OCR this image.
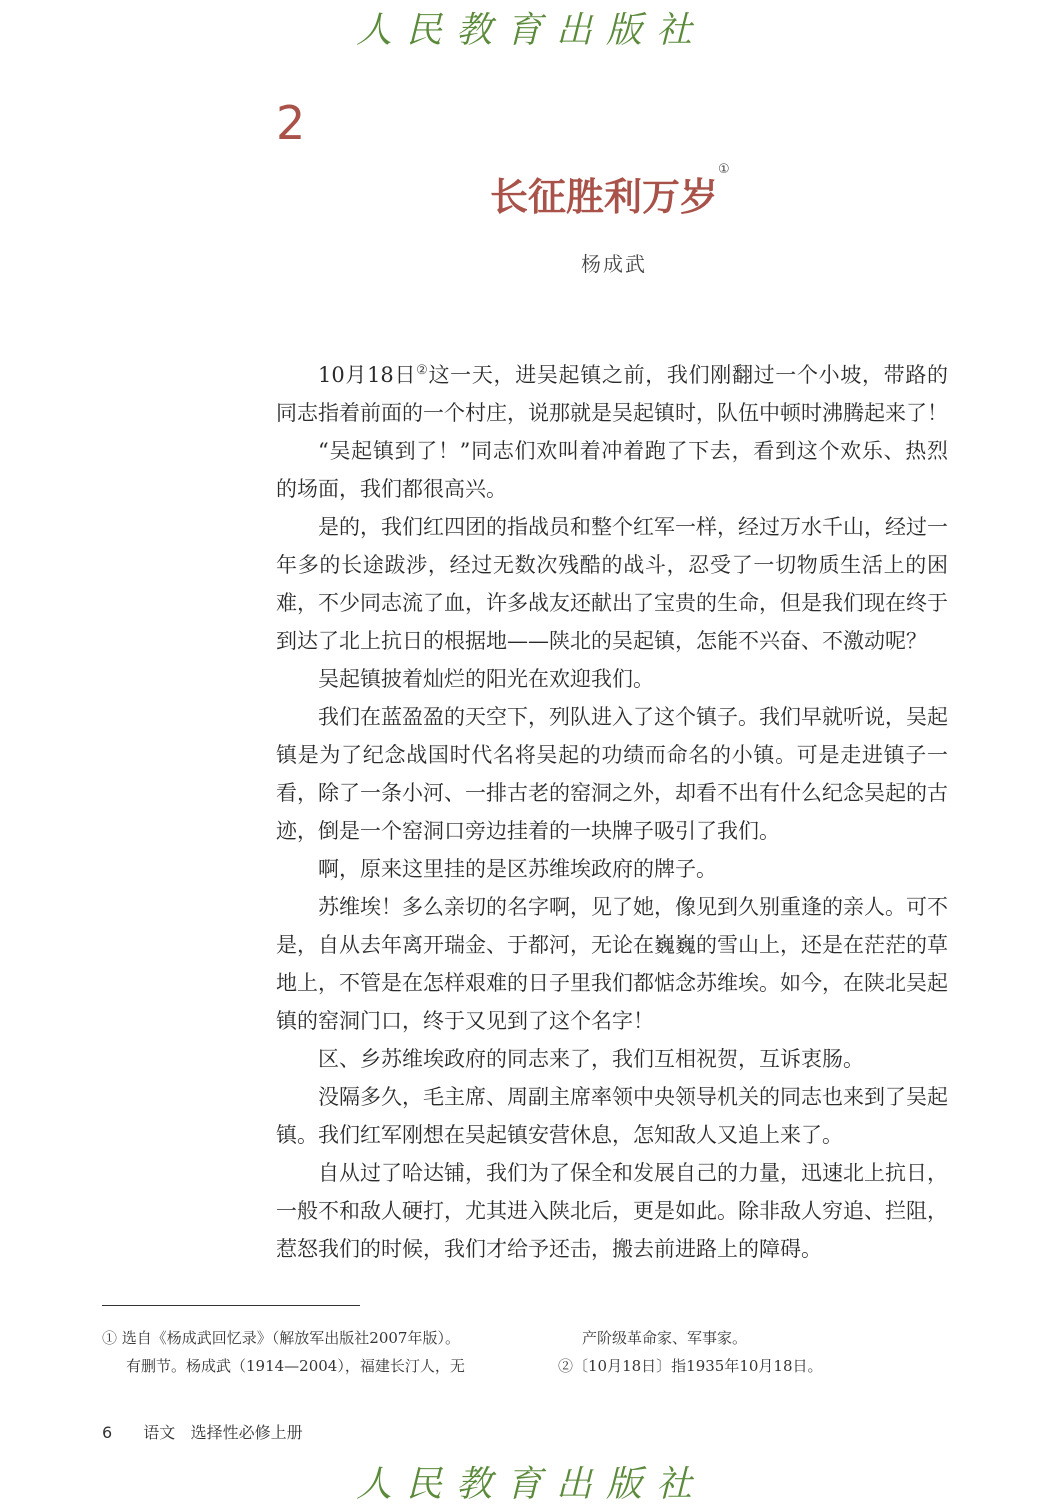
人民教育出版社
2
长征胜利万岁①
杨成武

10月18日②这一天，进吴起镇之前，我们刚翻过一个小坡，带路的同志指着前面的一个村庄，说那就是吴起镇时，队伍中顿时沸腾起来了！

“吴起镇到了！”同志们欢叫着冲着跑了下去，看到这个欢乐、热烈的场面，我们都很高兴。

是的，我们红四团的指战员和整个红军一样，经过万水千山，经过一年多的长途跋涉，经过无数次残酷的战斗，忍受了一切物质生活上的困难，不少同志流了血，许多战友还献出了宝贵的生命，但是我们现在终于到达了北上抗日的根据地——陕北的吴起镇，怎能不兴奋、不激动呢？

吴起镇披着灿烂的阳光在欢迎我们。

我们在蓝盈盈的天空下，列队进入了这个镇子。我们早就听说，吴起镇是为了纪念战国时代名将吴起的功绩而命名的小镇。可是走进镇子一看，除了一条小河、一排古老的窑洞之外，却看不出有什么纪念吴起的古迹，倒是一个窑洞口旁边挂着的一块牌子吸引了我们。

啊，原来这里挂的是区苏维埃政府的牌子。

苏维埃！多么亲切的名字啊，见了她，像见到久别重逢的亲人。可不是，自从去年离开瑞金、于都河，无论在巍巍的雪山上，还是在茫茫的草地上，不管是在怎样艰难的日子里我们都惦念苏维埃。如今，在陕北吴起镇的窑洞门口，终于又见到了这个名字！

区、乡苏维埃政府的同志来了，我们互相祝贺，互诉衷肠。

没隔多久，毛主席、周副主席率领中央领导机关的同志也来到了吴起镇。我们红军刚想在吴起镇安营休息，怎知敌人又追上来了。

自从过了哈达铺，我们为了保全和发展自己的力量，迅速北上抗日，一般不和敌人硬打，尤其进入陕北后，更是如此。除非敌人穷追、拦阻，惹怒我们的时候，我们才给予还击，搬去前进路上的障碍。

① 选自《杨成武回忆录》（解放军出版社2007年版）。
有删节。杨成武（1914—2004），福建长汀人，无
产阶级革命家、军事家。
②〔10月18日〕指1935年10月18日。
6 语文 选择性必修上册
人民教育出版社
